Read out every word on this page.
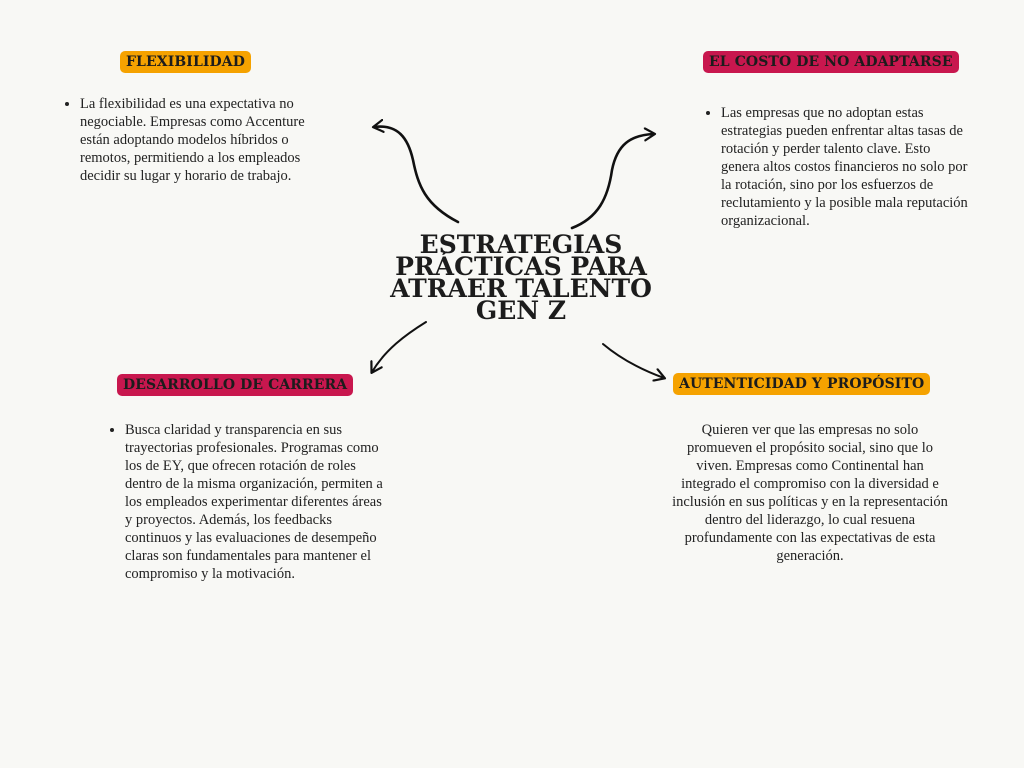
ESTRATEGIAS PRÁCTICAS PARA ATRAER TALENTO GEN Z
FLEXIBILIDAD
• La flexibilidad es una expectativa no negociable. Empresas como Accenture están adoptando modelos híbridos o remotos, permitiendo a los empleados decidir su lugar y horario de trabajo.
EL COSTO DE NO ADAPTARSE
• Las empresas que no adoptan estas estrategias pueden enfrentar altas tasas de rotación y perder talento clave. Esto genera altos costos financieros no solo por la rotación, sino por los esfuerzos de reclutamiento y la posible mala reputación organizacional.
DESARROLLO DE CARRERA
• Busca claridad y transparencia en sus trayectorias profesionales. Programas como los de EY, que ofrecen rotación de roles dentro de la misma organización, permiten a los empleados experimentar diferentes áreas y proyectos. Además, los feedbacks continuos y las evaluaciones de desempeño claras son fundamentales para mantener el compromiso y la motivación.
AUTENTICIDAD Y PROPÓSITO
Quieren ver que las empresas no solo promueven el propósito social, sino que lo viven. Empresas como Continental han integrado el compromiso con la diversidad e inclusión en sus políticas y en la representación dentro del liderazgo, lo cual resuena profundamente con las expectativas de esta generación.
